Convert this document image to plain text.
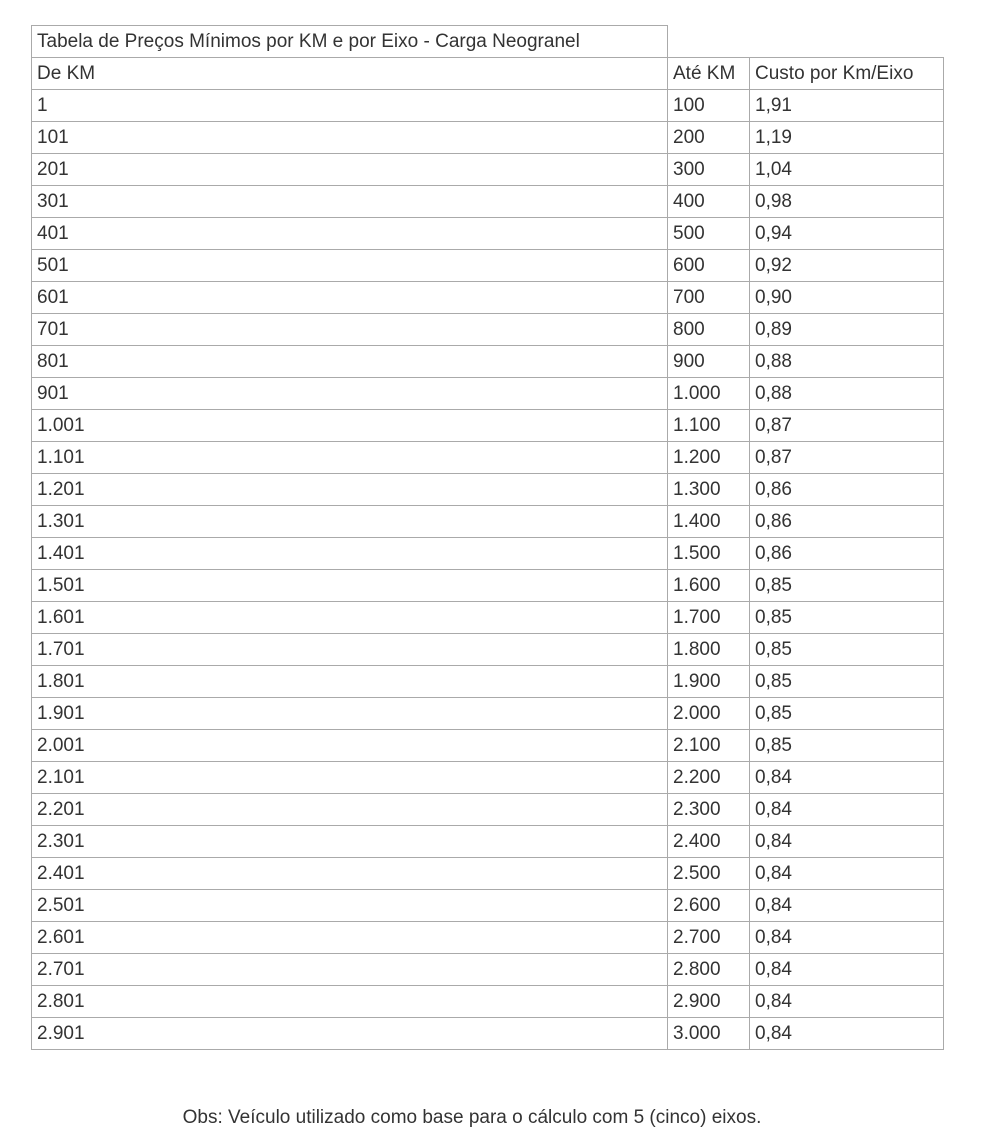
Tabela de Preços Mínimos por KM e por Eixo - Carga Neogranel		
De KM	Até KM	Custo por Km/Eixo
1	100	1,91
101	200	1,19
201	300	1,04
301	400	0,98
401	500	0,94
501	600	0,92
601	700	0,90
701	800	0,89
801	900	0,88
901	1.000	0,88
1.001	1.100	0,87
1.101	1.200	0,87
1.201	1.300	0,86
1.301	1.400	0,86
1.401	1.500	0,86
1.501	1.600	0,85
1.601	1.700	0,85
1.701	1.800	0,85
1.801	1.900	0,85
1.901	2.000	0,85
2.001	2.100	0,85
2.101	2.200	0,84
2.201	2.300	0,84
2.301	2.400	0,84
2.401	2.500	0,84
2.501	2.600	0,84
2.601	2.700	0,84
2.701	2.800	0,84
2.801	2.900	0,84
2.901	3.000	0,84
Obs: Veículo utilizado como base para o cálculo com 5 (cinco) eixos.
